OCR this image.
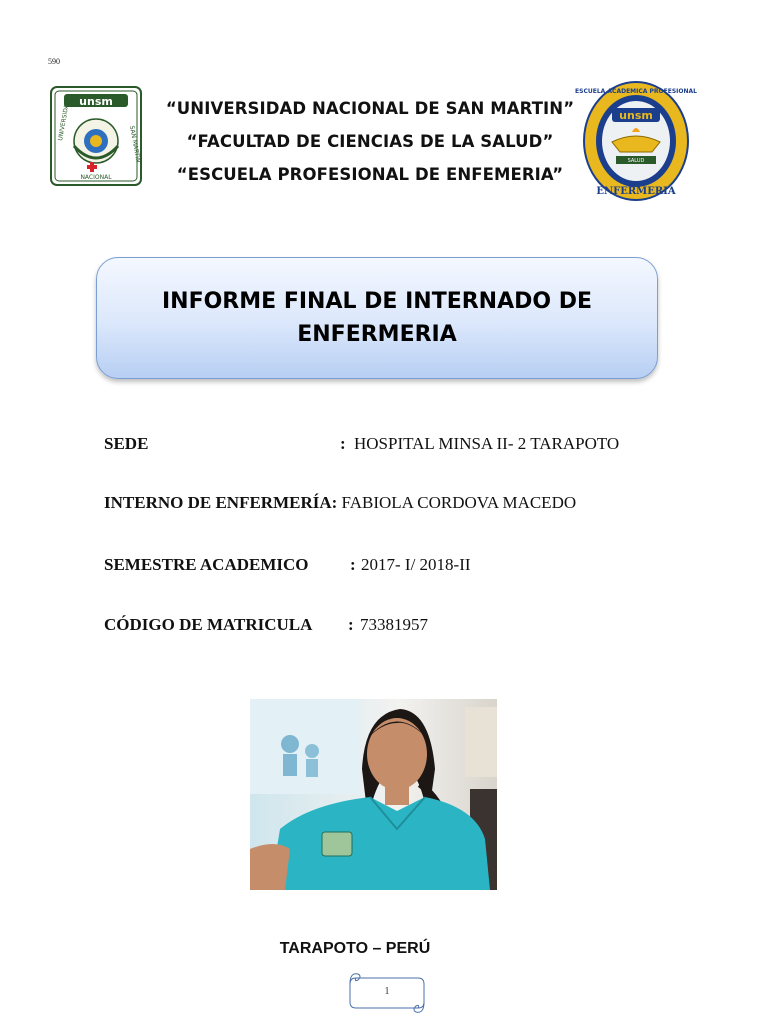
590
unsm
UNIVERSIDAD
SAN MARTIN
NACIONAL
“UNIVERSIDAD NACIONAL DE SAN MARTIN”
“FACULTAD DE CIENCIAS DE LA SALUD”
“ESCUELA PROFESIONAL DE ENFEMERIA”
unsm
SALUD
ENFERMERIA
ESCUELA ACADEMICA PROFESIONAL
INFORME FINAL DE INTERNADO DE ENFERMERIA
SEDE	: HOSPITAL MINSA II- 2 TARAPOTO
INTERNO DE ENFERMERÍA: FABIOLA CORDOVA MACEDO
SEMESTRE ACADEMICO : 2017- I/ 2018-II
CÓDIGO DE MATRICULA : 73381957
TARAPOTO – PERÚ
1
